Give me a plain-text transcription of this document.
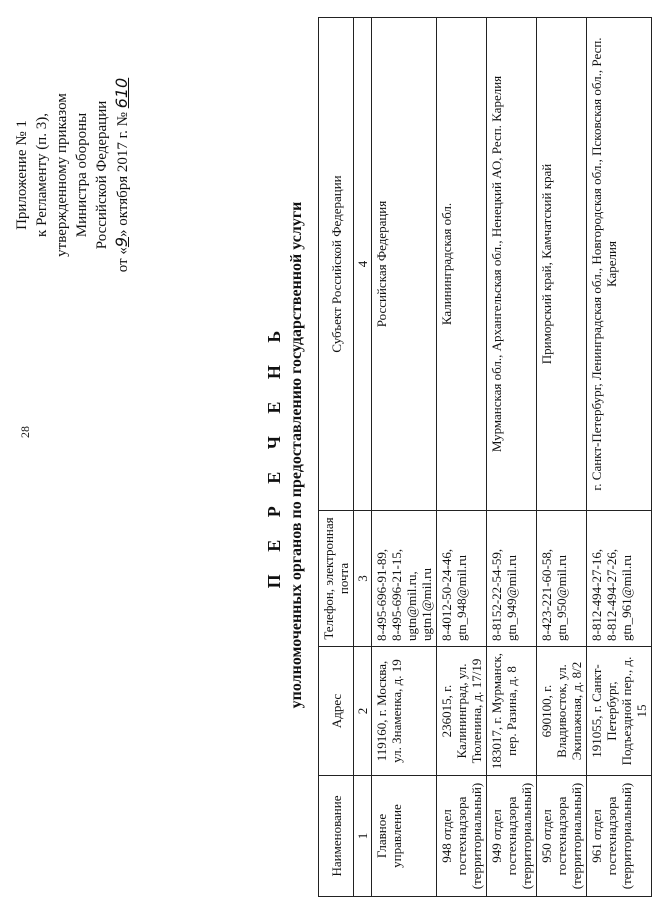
28
Приложение № 1 к Регламенту (п. 3), утвержденному приказом Министра обороны Российской Федерации
от «9» октября 2017 г. № 610
П Е Р Е Ч Е Н Ь уполномоченных органов по предоставлению государственной услуги
Наименование	Адрес	Телефон, электронная почта	Субъект Российской Федерации
1	2	3	4
Главное управление	119160, г. Москва, ул. Знаменка, д. 19	8-495-696-91-89, 8-495-696-21-15, ugtn@mil.ru, ugtn1@mil.ru	Российская Федерация
948 отдел гостехнадзора (территориальный)	236015, г. Калининград, ул. Тюленина, д. 17/19	8-4012-50-24-46, gtn_948@mil.ru	Калининградская обл.
949 отдел гостехнадзора (территориальный)	183017, г. Мурманск, пер. Разина, д. 8	8-8152-22-54-59, gtn_949@mil.ru	Мурманская обл., Архангельская обл., Ненецкий АО, Респ. Карелия
950 отдел гостехнадзора (территориальный)	690100, г. Владивосток, ул. Экипажная, д. 8/2	8-423-221-60-58, gtn_950@mil.ru	Приморский край, Камчатский край
961 отдел гостехнадзора (территориальный)	191055, г. Санкт-Петербург, Подъездной пер., д. 15	8-812-494-27-16, 8-812-494-27-26, gtn_961@mil.ru	г. Санкт-Петербург, Ленинградская обл., Новгородская обл., Псковская обл., Респ. Карелия
